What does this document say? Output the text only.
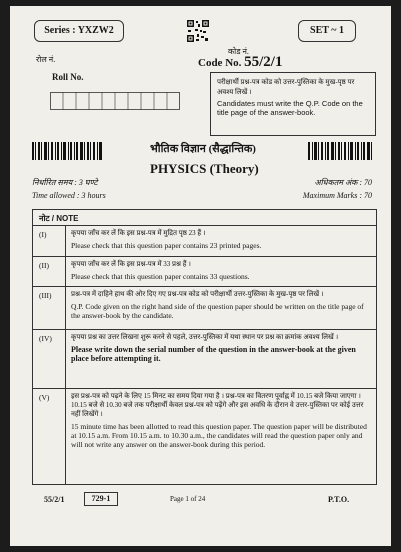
Series : YXZW2	SET ~ 1
रोल नं.
Roll No.
कोड नं.
Code No. 55/2/1
परीक्षार्थी प्रश्न-पत्र कोड को उत्तर-पुस्तिका के मुख-पृष्ठ पर अवश्य लिखें ।
Candidates must write the Q.P. Code on the title page of the answer-book.
भौतिक विज्ञान (सैद्धान्तिक)
PHYSICS (Theory)
निर्धारित समय : 3 घण्टे
Time allowed : 3 hours
अधिकतम अंक : 70
Maximum Marks : 70
नोट / NOTE
(I)	कृपया जाँच कर लें कि इस प्रश्न-पत्र में मुद्रित पृष्ठ 23 हैं ।
Please check that this question paper contains 23 printed pages.
(II)	कृपया जाँच कर लें कि इस प्रश्न-पत्र में 33 प्रश्न हैं ।
Please check that this question paper contains 33 questions.
(III)	प्रश्न-पत्र में दाहिने हाथ की ओर दिए गए प्रश्न-पत्र कोड को परीक्षार्थी उत्तर-पुस्तिका के मुख-पृष्ठ पर लिखें ।
Q.P. Code given on the right hand side of the question paper should be written on the title page of the answer-book by the candidate.
(IV)	कृपया प्रश्न का उत्तर लिखना शुरू करने से पहले, उत्तर-पुस्तिका में यथा स्थान पर प्रश्न का क्रमांक अवश्य लिखें ।
Please write down the serial number of the question in the answer-book at the given place before attempting it.
(V)	इस प्रश्न-पत्र को पढ़ने के लिए 15 मिनट का समय दिया गया है । प्रश्न-पत्र का वितरण पूर्वाह्न में 10.15 बजे किया जाएगा । 10.15 बजे से 10.30 बजे तक परीक्षार्थी केवल प्रश्न-पत्र को पढ़ेंगे और इस अवधि के दौरान वे उत्तर-पुस्तिका पर कोई उत्तर नहीं लिखेंगे ।
15 minute time has been allotted to read this question paper. The question paper will be distributed at 10.15 a.m. From 10.15 a.m. to 10.30 a.m., the candidates will read the question paper only and will not write any answer on the answer-book during this period.
55/2/1	729-1	Page 1 of 24	P.T.O.
